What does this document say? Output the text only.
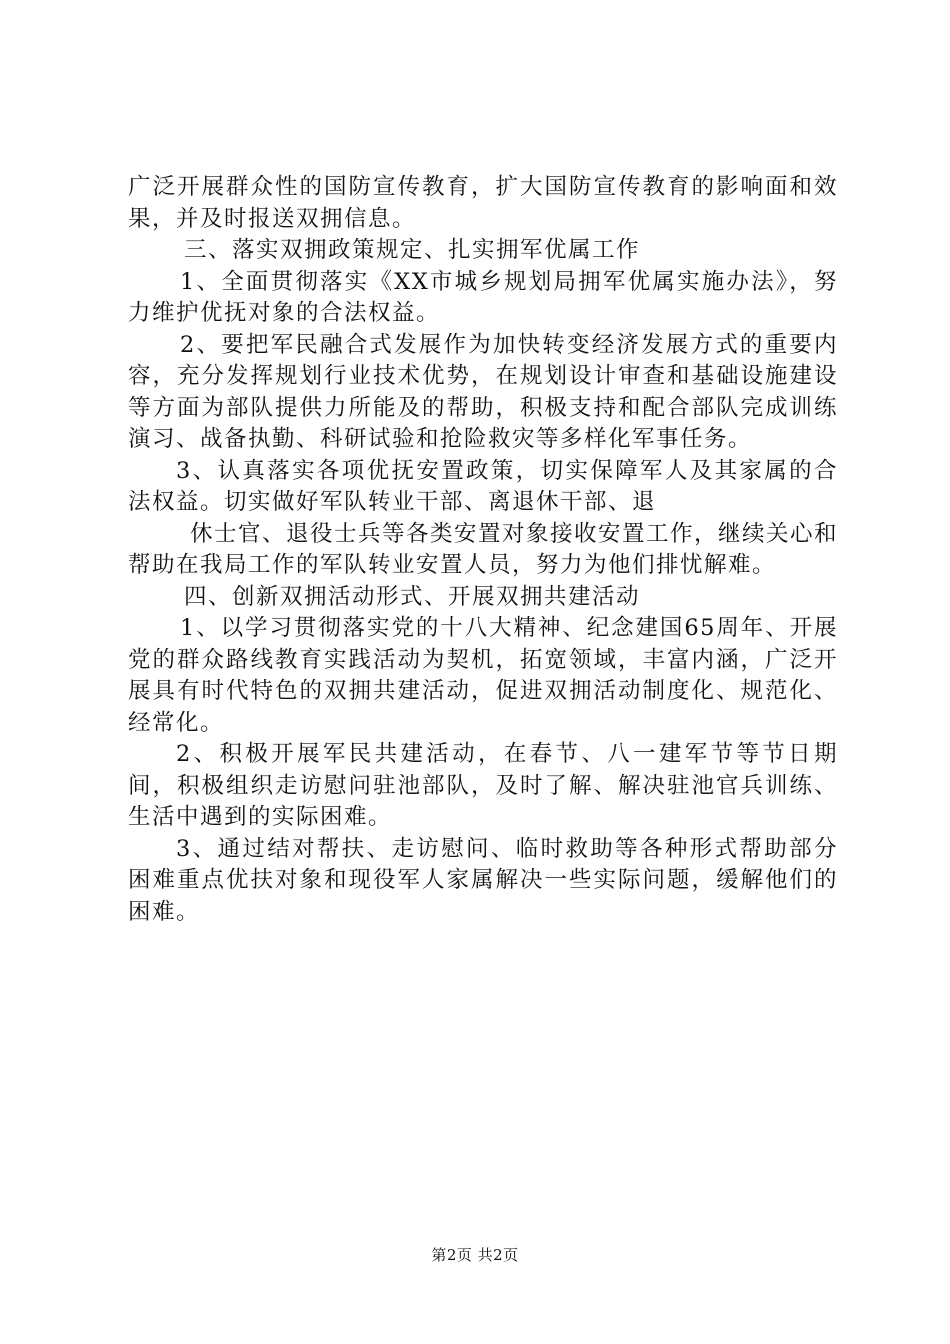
广泛开展群众性的国防宣传教育，扩大国防宣传教育的影响面和效果，并及时报送双拥信息。

三、落实双拥政策规定、扎实拥军优属工作

1、全面贯彻落实《XX市城乡规划局拥军优属实施办法》，努力维护优抚对象的合法权益。

2、要把军民融合式发展作为加快转变经济发展方式的重要内容，充分发挥规划行业技术优势，在规划设计审查和基础设施建设等方面为部队提供力所能及的帮助，积极支持和配合部队完成训练演习、战备执勤、科研试验和抢险救灾等多样化军事任务。

3、认真落实各项优抚安置政策，切实保障军人及其家属的合法权益。切实做好军队转业干部、离退休干部、退

休士官、退役士兵等各类安置对象接收安置工作，继续关心和帮助在我局工作的军队转业安置人员，努力为他们排忧解难。

四、创新双拥活动形式、开展双拥共建活动

1、以学习贯彻落实党的十八大精神、纪念建国65周年、开展党的群众路线教育实践活动为契机，拓宽领域，丰富内涵，广泛开展具有时代特色的双拥共建活动，促进双拥活动制度化、规范化、经常化。

2、积极开展军民共建活动，在春节、八一建军节等节日期间，积极组织走访慰问驻池部队，及时了解、解决驻池官兵训练、生活中遇到的实际困难。

3、通过结对帮扶、走访慰问、临时救助等各种形式帮助部分困难重点优扶对象和现役军人家属解决一些实际问题，缓解他们的困难。

第2页 共2页
